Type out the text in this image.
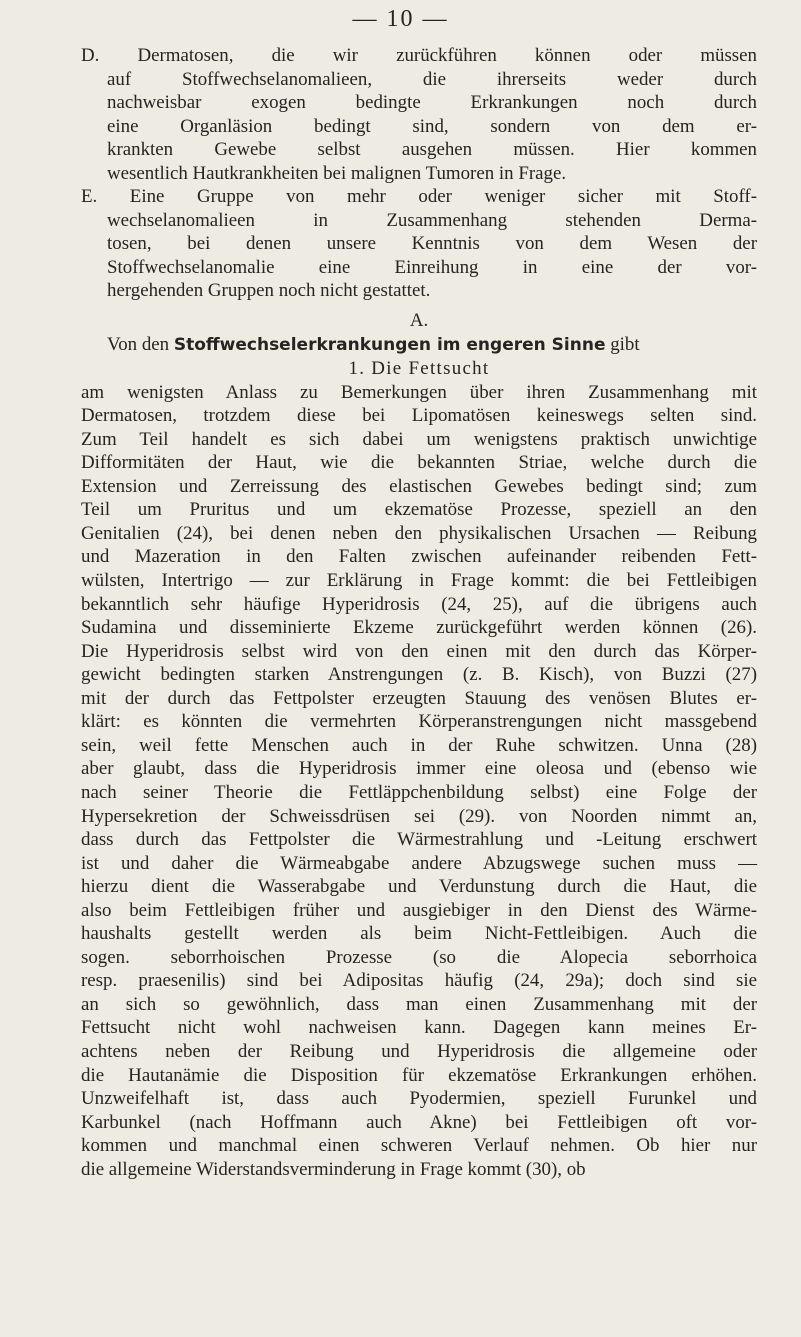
— 10 —

D. Dermatosen, die wir zurückführen können oder müssen

auf Stoffwechselanomalieen, die ihrerseits weder durch

nachweisbar exogen bedingte Erkrankungen noch durch

eine Organläsion bedingt sind, sondern von dem er-

krankten Gewebe selbst ausgehen müssen. Hier kommen

wesentlich Hautkrankheiten bei malignen Tumoren in Frage.

E. Eine Gruppe von mehr oder weniger sicher mit Stoff-

wechselanomalieen in Zusammenhang stehenden Derma-

tosen, bei denen unsere Kenntnis von dem Wesen der

Stoffwechselanomalie eine Einreihung in eine der vor-

hergehenden Gruppen noch nicht gestattet.

A.

Von den Stoffwechselerkrankungen im engeren Sinne gibt

1. Die Fettsucht

am wenigsten Anlass zu Bemerkungen über ihren Zusammenhang mit

Dermatosen, trotzdem diese bei Lipomatösen keineswegs selten sind.

Zum Teil handelt es sich dabei um wenigstens praktisch unwichtige

Difformitäten der Haut, wie die bekannten Striae, welche durch die

Extension und Zerreissung des elastischen Gewebes bedingt sind; zum

Teil um Pruritus und um ekzematöse Prozesse, speziell an den

Genitalien (24), bei denen neben den physikalischen Ursachen — Reibung

und Mazeration in den Falten zwischen aufeinander reibenden Fett-

wülsten, Intertrigo — zur Erklärung in Frage kommt: die bei Fettleibigen

bekanntlich sehr häufige Hyperidrosis (24, 25), auf die übrigens auch

Sudamina und disseminierte Ekzeme zurückgeführt werden können (26).

Die Hyperidrosis selbst wird von den einen mit den durch das Körper-

gewicht bedingten starken Anstrengungen (z. B. Kisch), von Buzzi (27)

mit der durch das Fettpolster erzeugten Stauung des venösen Blutes er-

klärt: es könnten die vermehrten Körperanstrengungen nicht massgebend

sein, weil fette Menschen auch in der Ruhe schwitzen. Unna (28)

aber glaubt, dass die Hyperidrosis immer eine oleosa und (ebenso wie

nach seiner Theorie die Fettläppchenbildung selbst) eine Folge der

Hypersekretion der Schweissdrüsen sei (29). von Noorden nimmt an,

dass durch das Fettpolster die Wärmestrahlung und -Leitung erschwert

ist und daher die Wärmeabgabe andere Abzugswege suchen muss —

hierzu dient die Wasserabgabe und Verdunstung durch die Haut, die

also beim Fettleibigen früher und ausgiebiger in den Dienst des Wärme-

haushalts gestellt werden als beim Nicht-Fettleibigen. Auch die

sogen. seborrhoischen Prozesse (so die Alopecia seborrhoica

resp. praesenilis) sind bei Adipositas häufig (24, 29a); doch sind sie

an sich so gewöhnlich, dass man einen Zusammenhang mit der

Fettsucht nicht wohl nachweisen kann. Dagegen kann meines Er-

achtens neben der Reibung und Hyperidrosis die allgemeine oder

die Hautanämie die Disposition für ekzematöse Erkrankungen erhöhen.

Unzweifelhaft ist, dass auch Pyodermien, speziell Furunkel und

Karbunkel (nach Hoffmann auch Akne) bei Fettleibigen oft vor-

kommen und manchmal einen schweren Verlauf nehmen. Ob hier nur

die allgemeine Widerstandsverminderung in Frage kommt (30), ob
